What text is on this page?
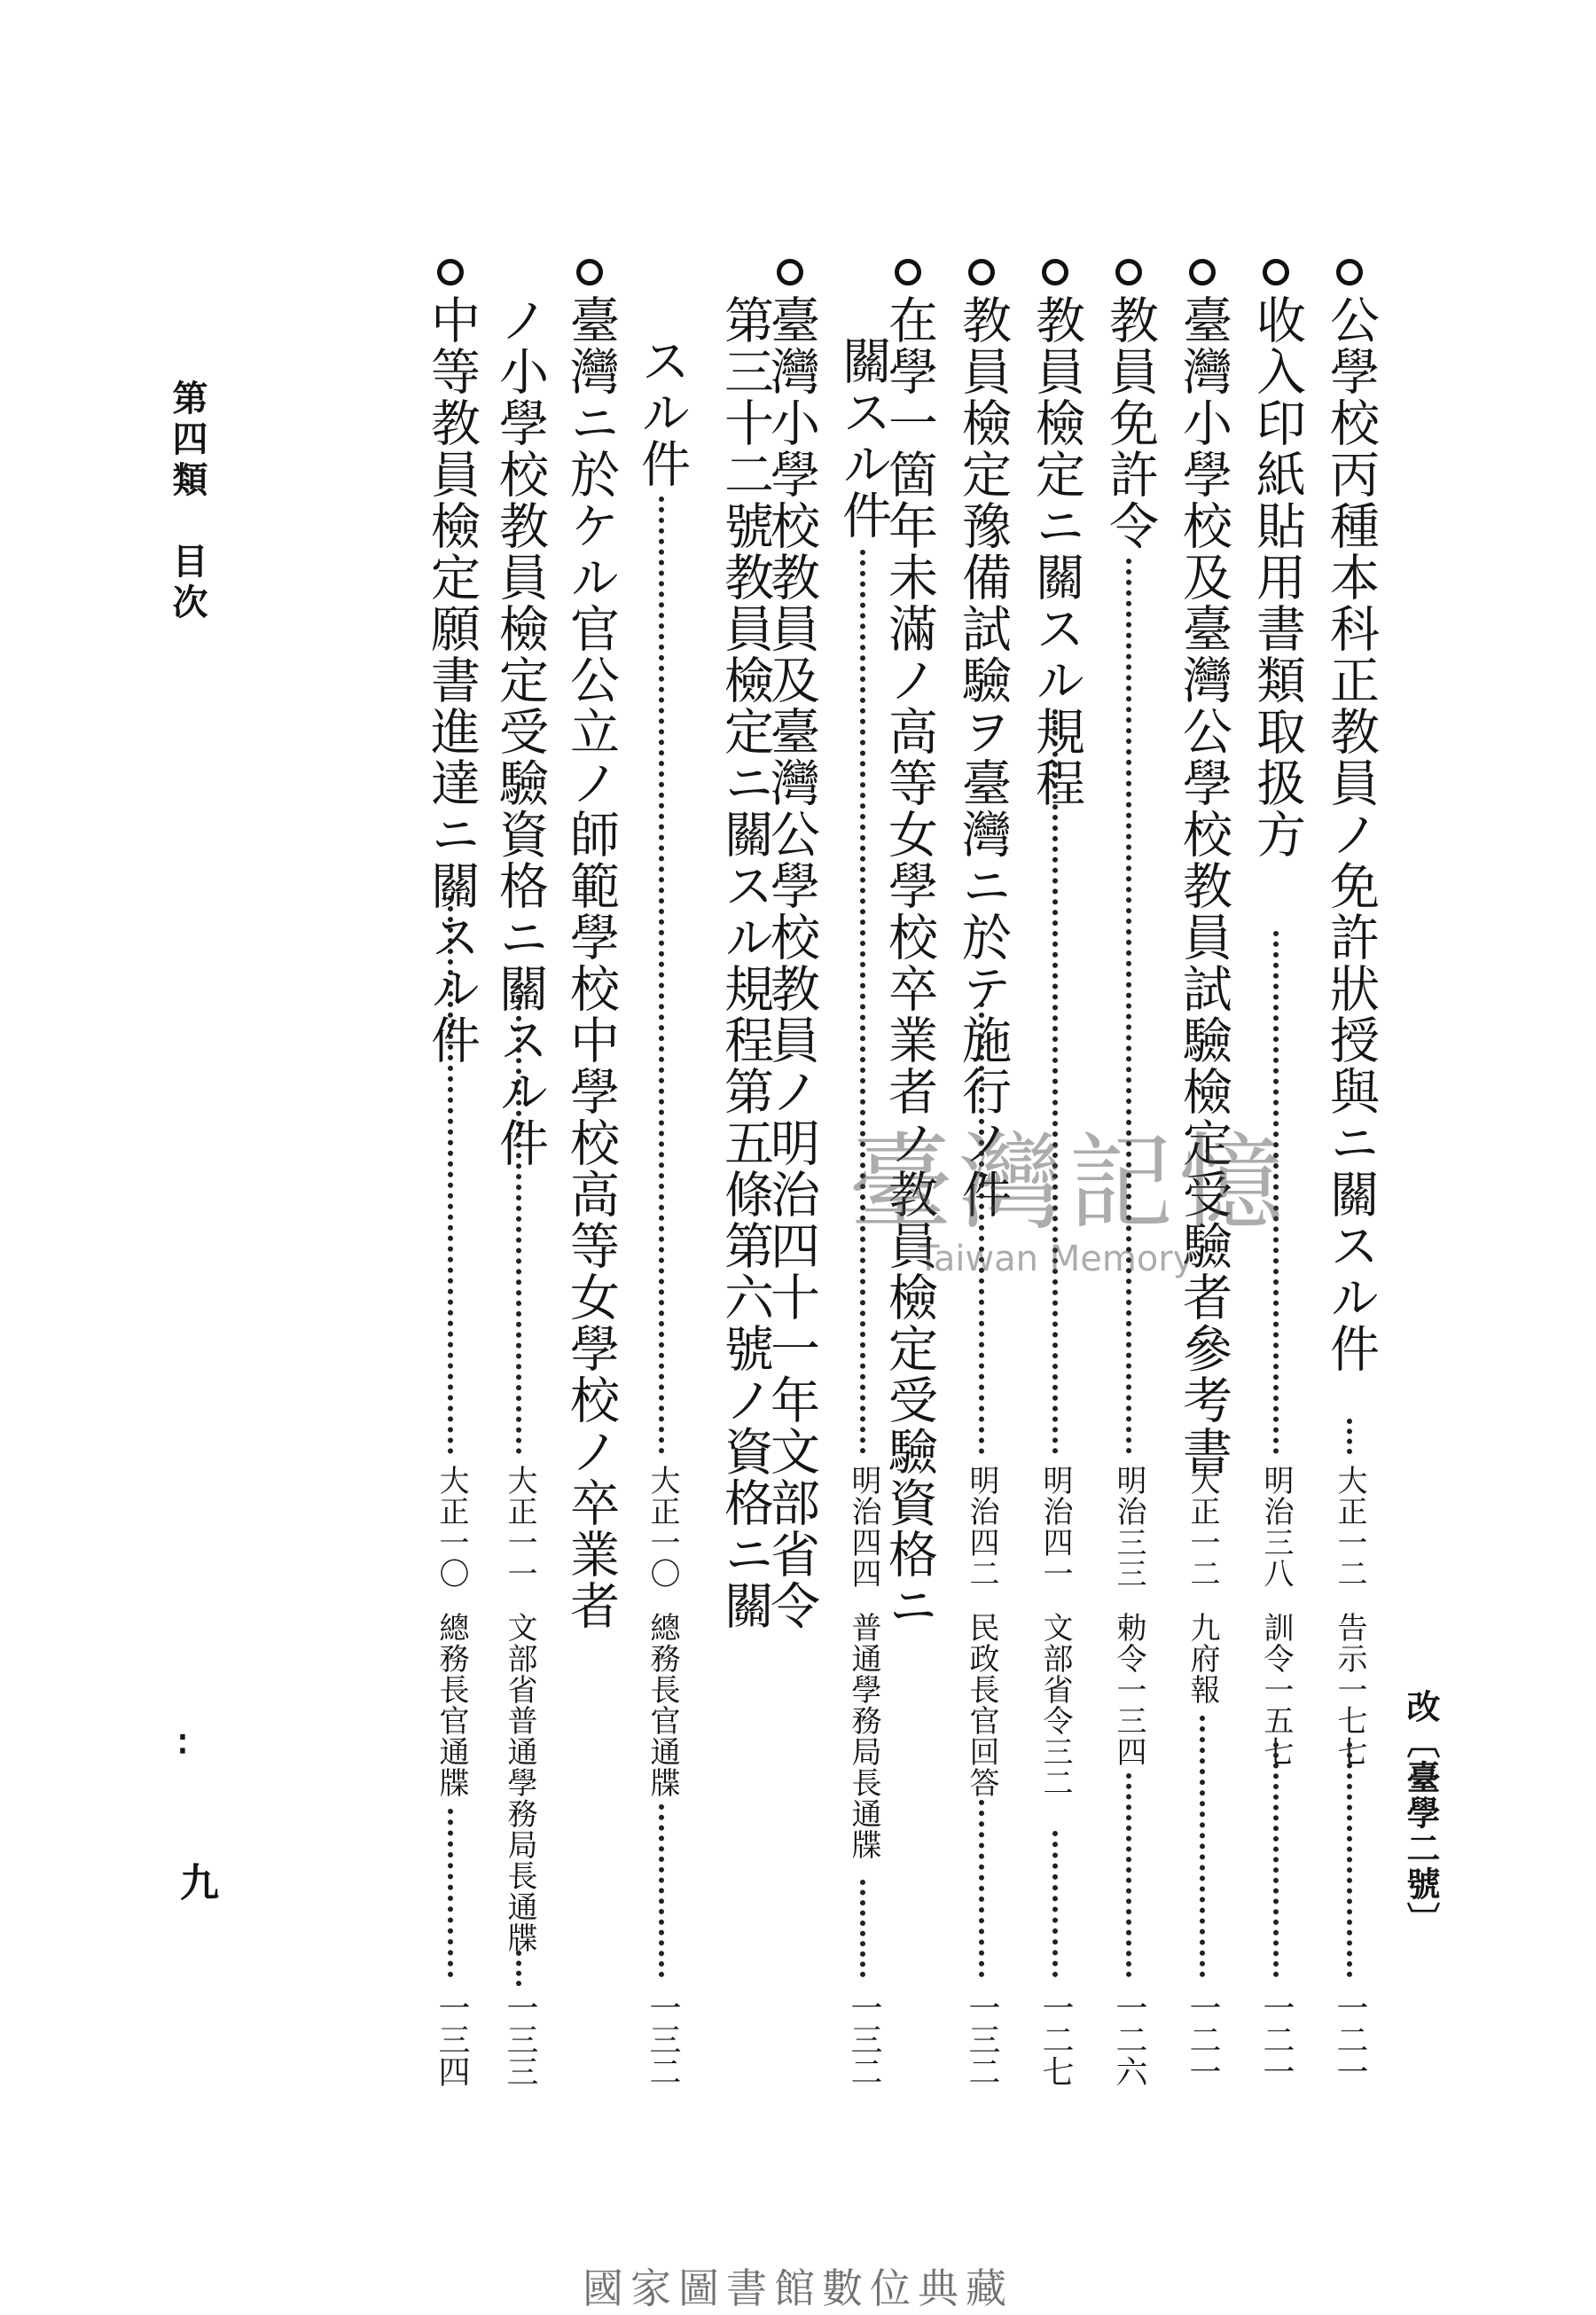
改〔臺學二號〕
第四類　目次
∶
九
公學校丙種本科正教員ノ免許狀授與ニ關スル件
大正一二
告示一七七
一二一
收入印紙貼用書類取扱方
明治三八
訓令一五七
一二一
臺灣小學校及臺灣公學校教員試驗檢定受驗者參考書
大正一二
九府報
一二一
教員免許令
明治三三
勅令一三四
一二六
教員檢定ニ關スル規程
明治四一
文部省令三二
一二七
教員檢定豫備試驗ヲ臺灣ニ於テ施行ノ件
明治四二
民政長官回答
一三二
在學一箇年未滿ノ高等女學校卒業者ノ教員檢定受驗資格ニ
關スル件
明治四四
普通學務局長通牒
一三二
臺灣小學校教員及臺灣公學校教員ノ明治四十一年文部省令
第三十二號教員檢定ニ關スル規程第五條第六號ノ資格ニ關
スル件
大正一〇
總務長官通牒
一三二
臺灣ニ於ケル官公立ノ師範學校中學校高等女學校ノ卒業者
ノ小學校教員檢定受驗資格ニ關スル件
大正一一
文部省普通學務局長通牒
一三三
中等教員檢定願書進達ニ關スル件
大正一〇
總務長官通牒
一三四
臺灣記憶
Taiwan Memory
國家圖書館數位典藏
